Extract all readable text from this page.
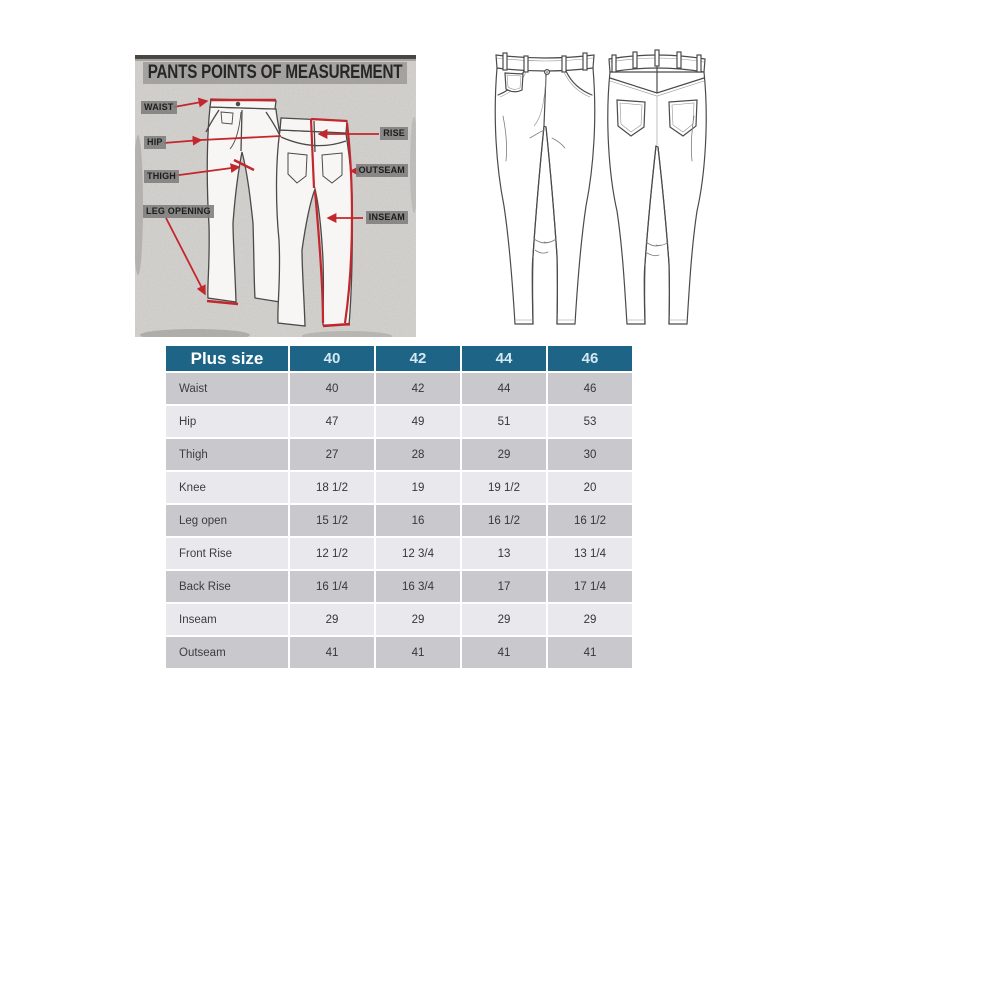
PANTS POINTS OF MEASUREMENT
WAIST
HIP
THIGH
LEG OPENING
RISE
OUTSEAM
INSEAM
Plus size	40	42	44	46
Waist	40	42	44	46
Hip	47	49	51	53
Thigh	27	28	29	30
Knee	18 1/2	19	19 1/2	20
Leg open	15 1/2	16	16 1/2	16 1/2
Front Rise	12 1/2	12 3/4	13	13 1/4
Back Rise	16 1/4	16 3/4	17	17 1/4
Inseam	29	29	29	29
Outseam	41	41	41	41
